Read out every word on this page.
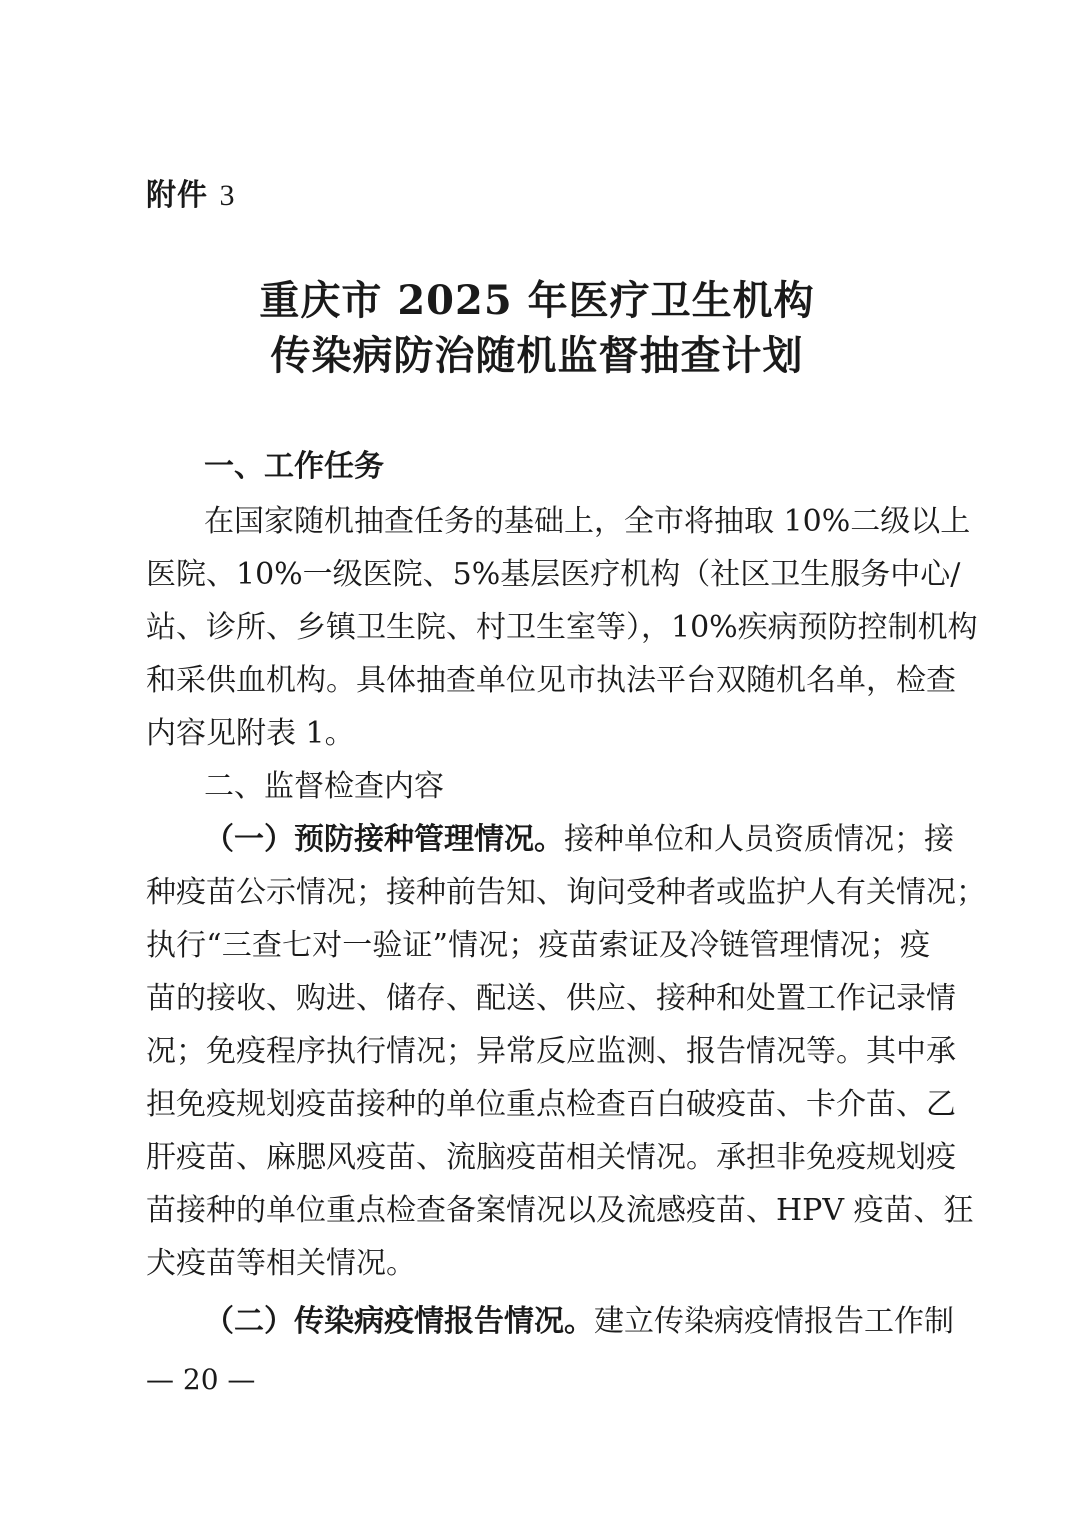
附件 3
重庆市 2025 年医疗卫生机构
传染病防治随机监督抽查计划
一、工作任务
在国家随机抽查任务的基础上，全市将抽取 10%二级以上
医院、10%一级医院、5%基层医疗机构（社区卫生服务中心/
站、诊所、乡镇卫生院、村卫生室等），10%疾病预防控制机构
和采供血机构。具体抽查单位见市执法平台双随机名单，检查
内容见附表 1。
二、监督检查内容
（一）预防接种管理情况。接种单位和人员资质情况；接
种疫苗公示情况；接种前告知、询问受种者或监护人有关情况；
执行“三查七对一验证”情况；疫苗索证及冷链管理情况；疫
苗的接收、购进、储存、配送、供应、接种和处置工作记录情
况；免疫程序执行情况；异常反应监测、报告情况等。其中承
担免疫规划疫苗接种的单位重点检查百白破疫苗、卡介苗、乙
肝疫苗、麻腮风疫苗、流脑疫苗相关情况。承担非免疫规划疫
苗接种的单位重点检查备案情况以及流感疫苗、HPV 疫苗、狂
犬疫苗等相关情况。
（二）传染病疫情报告情况。建立传染病疫情报告工作制
— 20 —
